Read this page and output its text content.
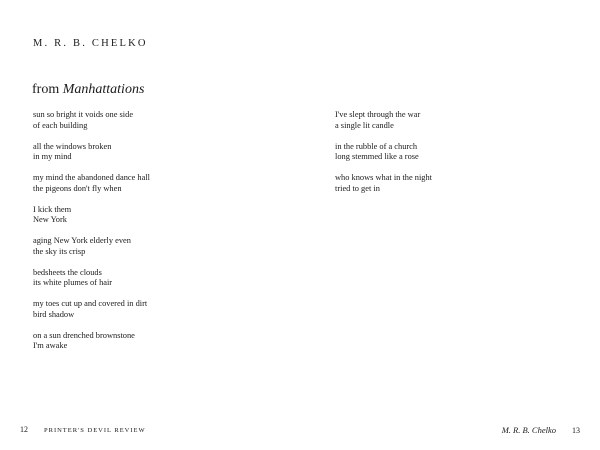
M. R. B. CHELKO
from Manhattations
sun so bright it voids one side
of each building
all the windows broken
in my mind
my mind the abandoned dance hall
the pigeons don't fly when
I kick them
New York
aging New York elderly even
the sky its crisp
bedsheets the clouds
its white plumes of hair
my toes cut up and covered in dirt
bird shadow
on a sun drenched brownstone
I'm awake
I've slept through the war
a single lit candle
in the rubble of a church
long stemmed like a rose
who knows what in the night
tried to get in
12 PRINTER'S DEVIL REVIEW	M. R. B. Chelko 13
